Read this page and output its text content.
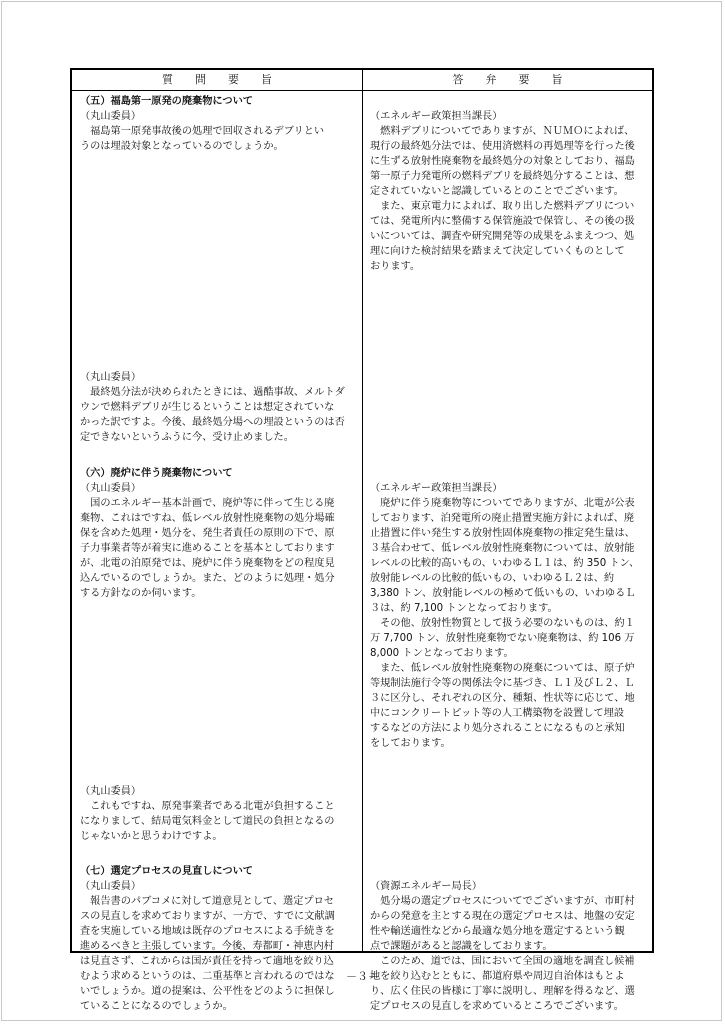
質　　問　　要　　旨	答　　弁　　要　　旨
（五）福島第一原発の廃棄物について
（丸山委員）
　福島第一原発事故後の処理で回収されるデブリとい
うのは埋設対象となっているのでしょうか。
（丸山委員）
　最終処分法が決められたときには、過酷事故、メルトダ
ウンで燃料デブリが生じるということは想定されていな
かった訳ですよ。今後、最終処分場への埋設というのは否
定できないというふうに今、受け止めました。
（六）廃炉に伴う廃棄物について
（丸山委員）
　国のエネルギー基本計画で、廃炉等に伴って生じる廃
棄物、これはですね、低レベル放射性廃棄物の処分場確
保を含めた処理・処分を、発生者責任の原則の下で、原
子力事業者等が着実に進めることを基本としております
が、北電の泊原発では、廃炉に伴う廃棄物をどの程度見
込んでいるのでしょうか。また、どのように処理・処分
する方針なのか伺います。
（丸山委員）
　これもですね、原発事業者である北電が負担すること
になりまして、結局電気料金として道民の負担となるの
じゃないかと思うわけですよ。
（七）選定プロセスの見直しについて
（丸山委員）
　報告書のパブコメに対して道意見として、選定プロセ
スの見直しを求めておりますが、一方で、すでに文献調
査を実施している地域は既存のプロセスによる手続きを
進めるべきと主張しています。今後、寿都町・神恵内村
は見直さず、これからは国が責任を持って適地を絞り込
むよう求めるというのは、二重基準と言われるのではな
いでしょうか。道の提案は、公平性をどのように担保し
ていることになるのでしょうか。
（エネルギー政策担当課長）
　燃料デブリについてでありますが、ＮＵＭＯによれば、
現行の最終処分法では、使用済燃料の再処理等を行った後
に生ずる放射性廃棄物を最終処分の対象としており、福島
第一原子力発電所の燃料デブリを最終処分することは、想
定されていないと認識しているとのことでございます。
　また、東京電力によれば、取り出した燃料デブリについ
ては、発電所内に整備する保管施設で保管し、その後の扱
いについては、調査や研究開発等の成果をふまえつつ、処
理に向けた検討結果を踏まえて決定していくものとして
おります。
（エネルギー政策担当課長）
　廃炉に伴う廃棄物等についてでありますが、北電が公表
しております、泊発電所の廃止措置実施方針によれば、廃
止措置に伴い発生する放射性固体廃棄物の推定発生量は、
３基合わせて、低レベル放射性廃棄物については、放射能
レベルの比較的高いもの、いわゆるＬ１は、約 350 トン、
放射能レベルの比較的低いもの、いわゆるＬ２は、約
3,380 トン、放射能レベルの極めて低いもの、いわゆるＬ
３は、約 7,100 トンとなっております。
　その他、放射性物質として扱う必要のないものは、約１
万 7,700 トン、放射性廃棄物でない廃棄物は、約 106 万
8,000 トンとなっております。
　また、低レベル放射性廃棄物の廃棄については、原子炉
等規制法施行令等の関係法令に基づき、Ｌ１及びＬ２、Ｌ
３に区分し、それぞれの区分、種類、性状等に応じて、地
中にコンクリートピット等の人工構築物を設置して埋設
するなどの方法により処分されることになるものと承知
をしております。
（資源エネルギー局長）
　処分場の選定プロセスについてでございますが、市町村
からの発意を主とする現在の選定プロセスは、地盤の安定
性や輸送適性などから最適な処分地を選定するという観
点で課題があると認識をしております。
　このため、道では、国において全国の適地を調査し候補
地を絞り込むとともに、都道府県や周辺自治体はもとよ
り、広く住民の皆様に丁寧に説明し、理解を得るなど、選
定プロセスの見直しを求めているところでございます。
－３－
